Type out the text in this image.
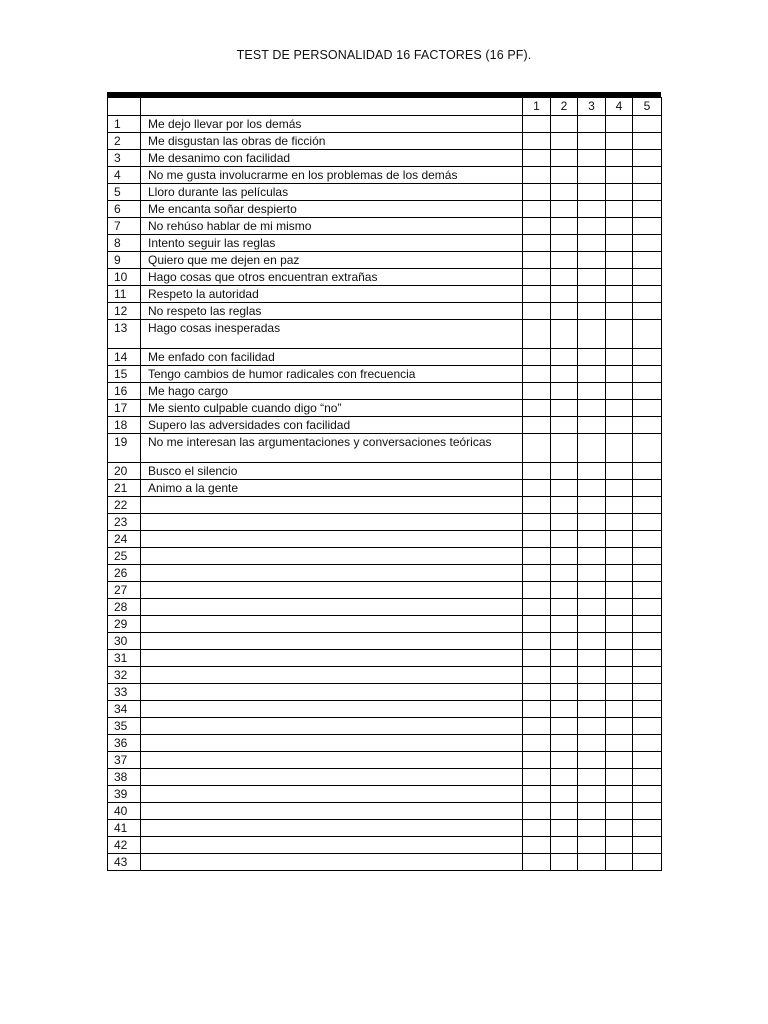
TEST DE PERSONALIDAD 16 FACTORES (16 PF).
		1	2	3	4	5
1	Me dejo llevar por los demás					
2	Me disgustan las obras de ficción					
3	Me desanimo con facilidad					
4	No me gusta involucrarme en los problemas de los demás					
5	Lloro durante las películas					
6	Me encanta soñar despierto					
7	No rehúso hablar de mi mismo					
8	Intento seguir las reglas					
9	Quiero que me dejen en paz					
10	Hago cosas que otros encuentran extrañas					
11	Respeto la autoridad					
12	No respeto las reglas					
13	Hago cosas inesperadas					
14	Me enfado con facilidad					
15	Tengo cambios de humor radicales con frecuencia					
16	Me hago cargo					
17	Me siento culpable cuando digo “no”					
18	Supero las adversidades con facilidad					
19	No me interesan las argumentaciones y conversaciones teóricas					
20	Busco el silencio					
21	Animo a la gente					
22						
23						
24						
25						
26						
27						
28						
29						
30						
31						
32						
33						
34						
35						
36						
37						
38						
39						
40						
41						
42						
43						
